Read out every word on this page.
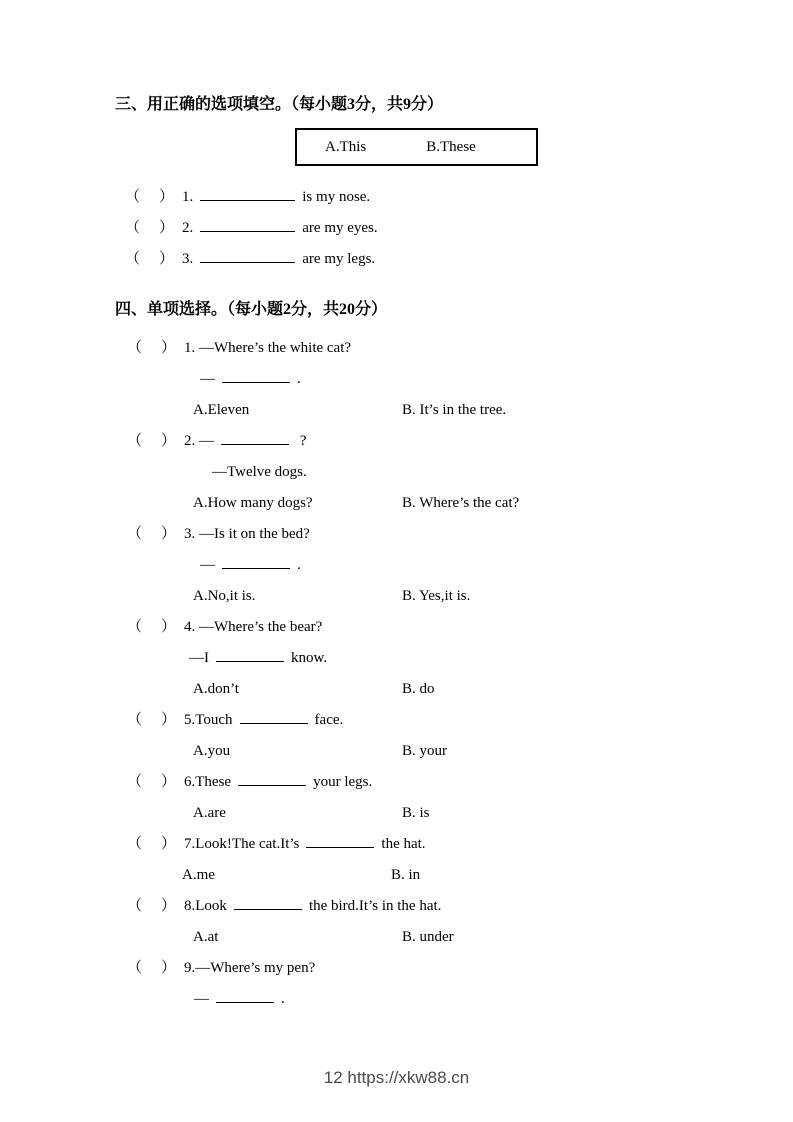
三、用正确的选项填空。（每小题3分，共9分）
A.This	B.These
（　） 1.	is my nose.
（　） 2.	are my eyes.
（　） 3.	are my legs.
四、单项选择。（每小题2分，共20分）
（　） 1. —Where’s the white cat?
—	.
A.Eleven	B. It’s in the tree.
（　） 2. —	?
—Twelve dogs.
A.How many dogs?	B. Where’s the cat?
（　） 3. —Is it on the bed?
—	.
A.No,it is.	B. Yes,it is.
（　） 4. —Where’s the bear?
—I	know.
A.don’t	B. do
（　） 5.Touch	face.
A.you	B. your
（　） 6.These	your legs.
A.are	B. is
（　） 7.Look!The cat.It’s	the hat.
A.me	B. in
（　） 8.Look	the bird.It’s in the hat.
A.at	B. under
（　） 9.—Where’s my pen?
—	.
12 https://xkw88.cn
